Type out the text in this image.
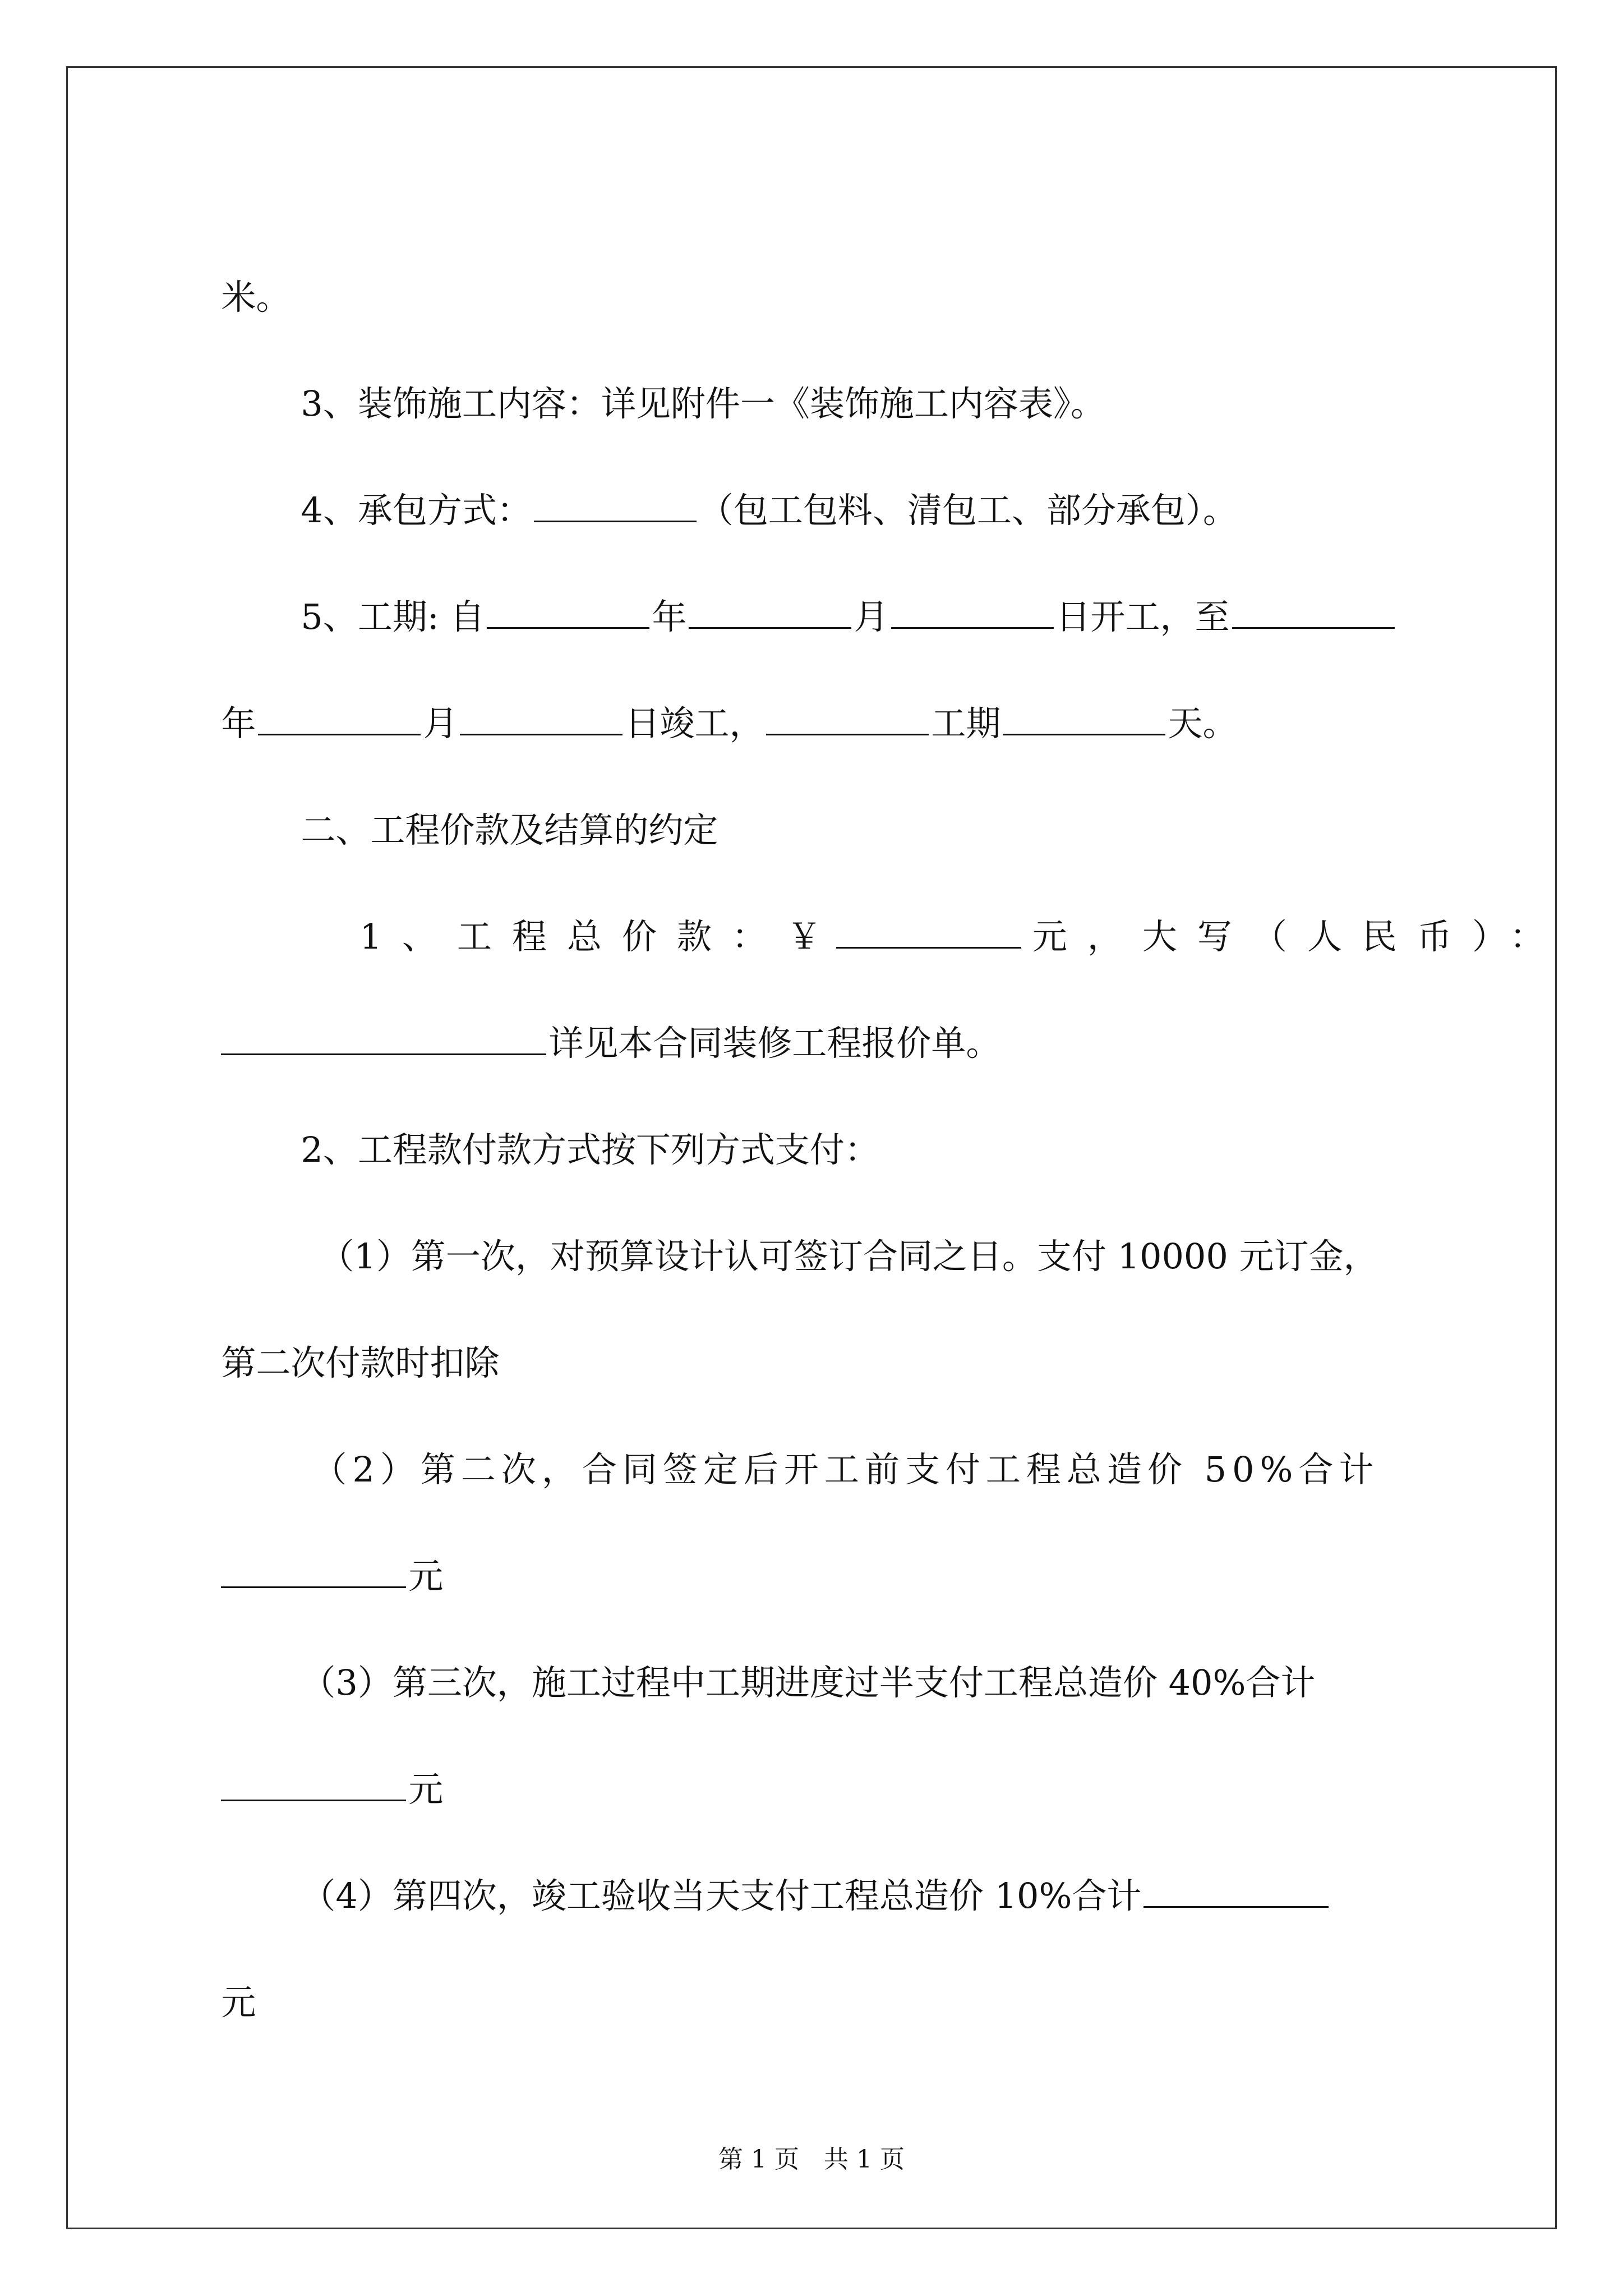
米。

3、装饰施工内容：详见附件一《装饰施工内容表》。

4、承包方式：	（包工包料、清包工、部分承包）。

5、工期: 自	年	月	日开工，至

年	月	日竣工，	工期	天。

二、工程价款及结算的约定

1、工程总价款：￥	元，大写（人民币）：

详见本合同装修工程报价单。

2、工程款付款方式按下列方式支付：

（1）第一次，对预算设计认可签订合同之日。支付 10000 元订金，

第二次付款时扣除

（2）第二次，合同签定后开工前支付工程总造价 50%合计

元

（3）第三次，施工过程中工期进度过半支付工程总造价 40%合计

元

（4）第四次，竣工验收当天支付工程总造价 10%合计

元

第 1 页　共 1 页
